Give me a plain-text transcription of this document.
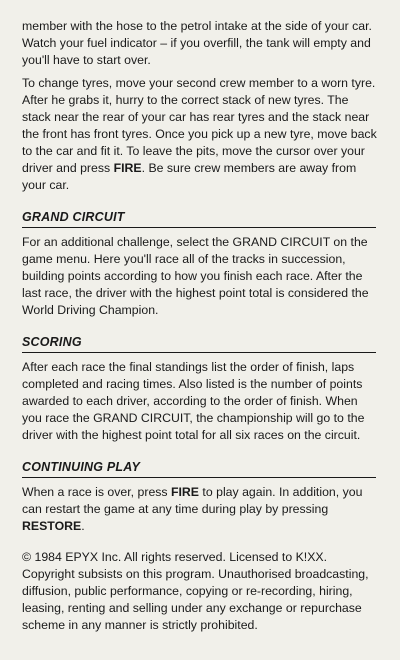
member with the hose to the petrol intake at the side of your car. Watch your fuel indicator – if you overfill, the tank will empty and you'll have to start over.

To change tyres, move your second crew member to a worn tyre. After he grabs it, hurry to the correct stack of new tyres. The stack near the rear of your car has rear tyres and the stack near the front has front tyres. Once you pick up a new tyre, move back to the car and fit it. To leave the pits, move the cursor over your driver and press FIRE. Be sure crew members are away from your car.

GRAND CIRCUIT

For an additional challenge, select the GRAND CIRCUIT on the game menu. Here you'll race all of the tracks in succession, building points according to how you finish each race. After the last race, the driver with the highest point total is considered the World Driving Champion.

SCORING

After each race the final standings list the order of finish, laps completed and racing times. Also listed is the number of points awarded to each driver, according to the order of finish. When you race the GRAND CIRCUIT, the championship will go to the driver with the highest point total for all six races on the circuit.

CONTINUING PLAY

When a race is over, press FIRE to play again. In addition, you can restart the game at any time during play by pressing RESTORE.

© 1984 EPYX Inc. All rights reserved. Licensed to K!XX. Copyright subsists on this program. Unauthorised broadcasting, diffusion, public performance, copying or re-recording, hiring, leasing, renting and selling under any exchange or repurchase scheme in any manner is strictly prohibited.
